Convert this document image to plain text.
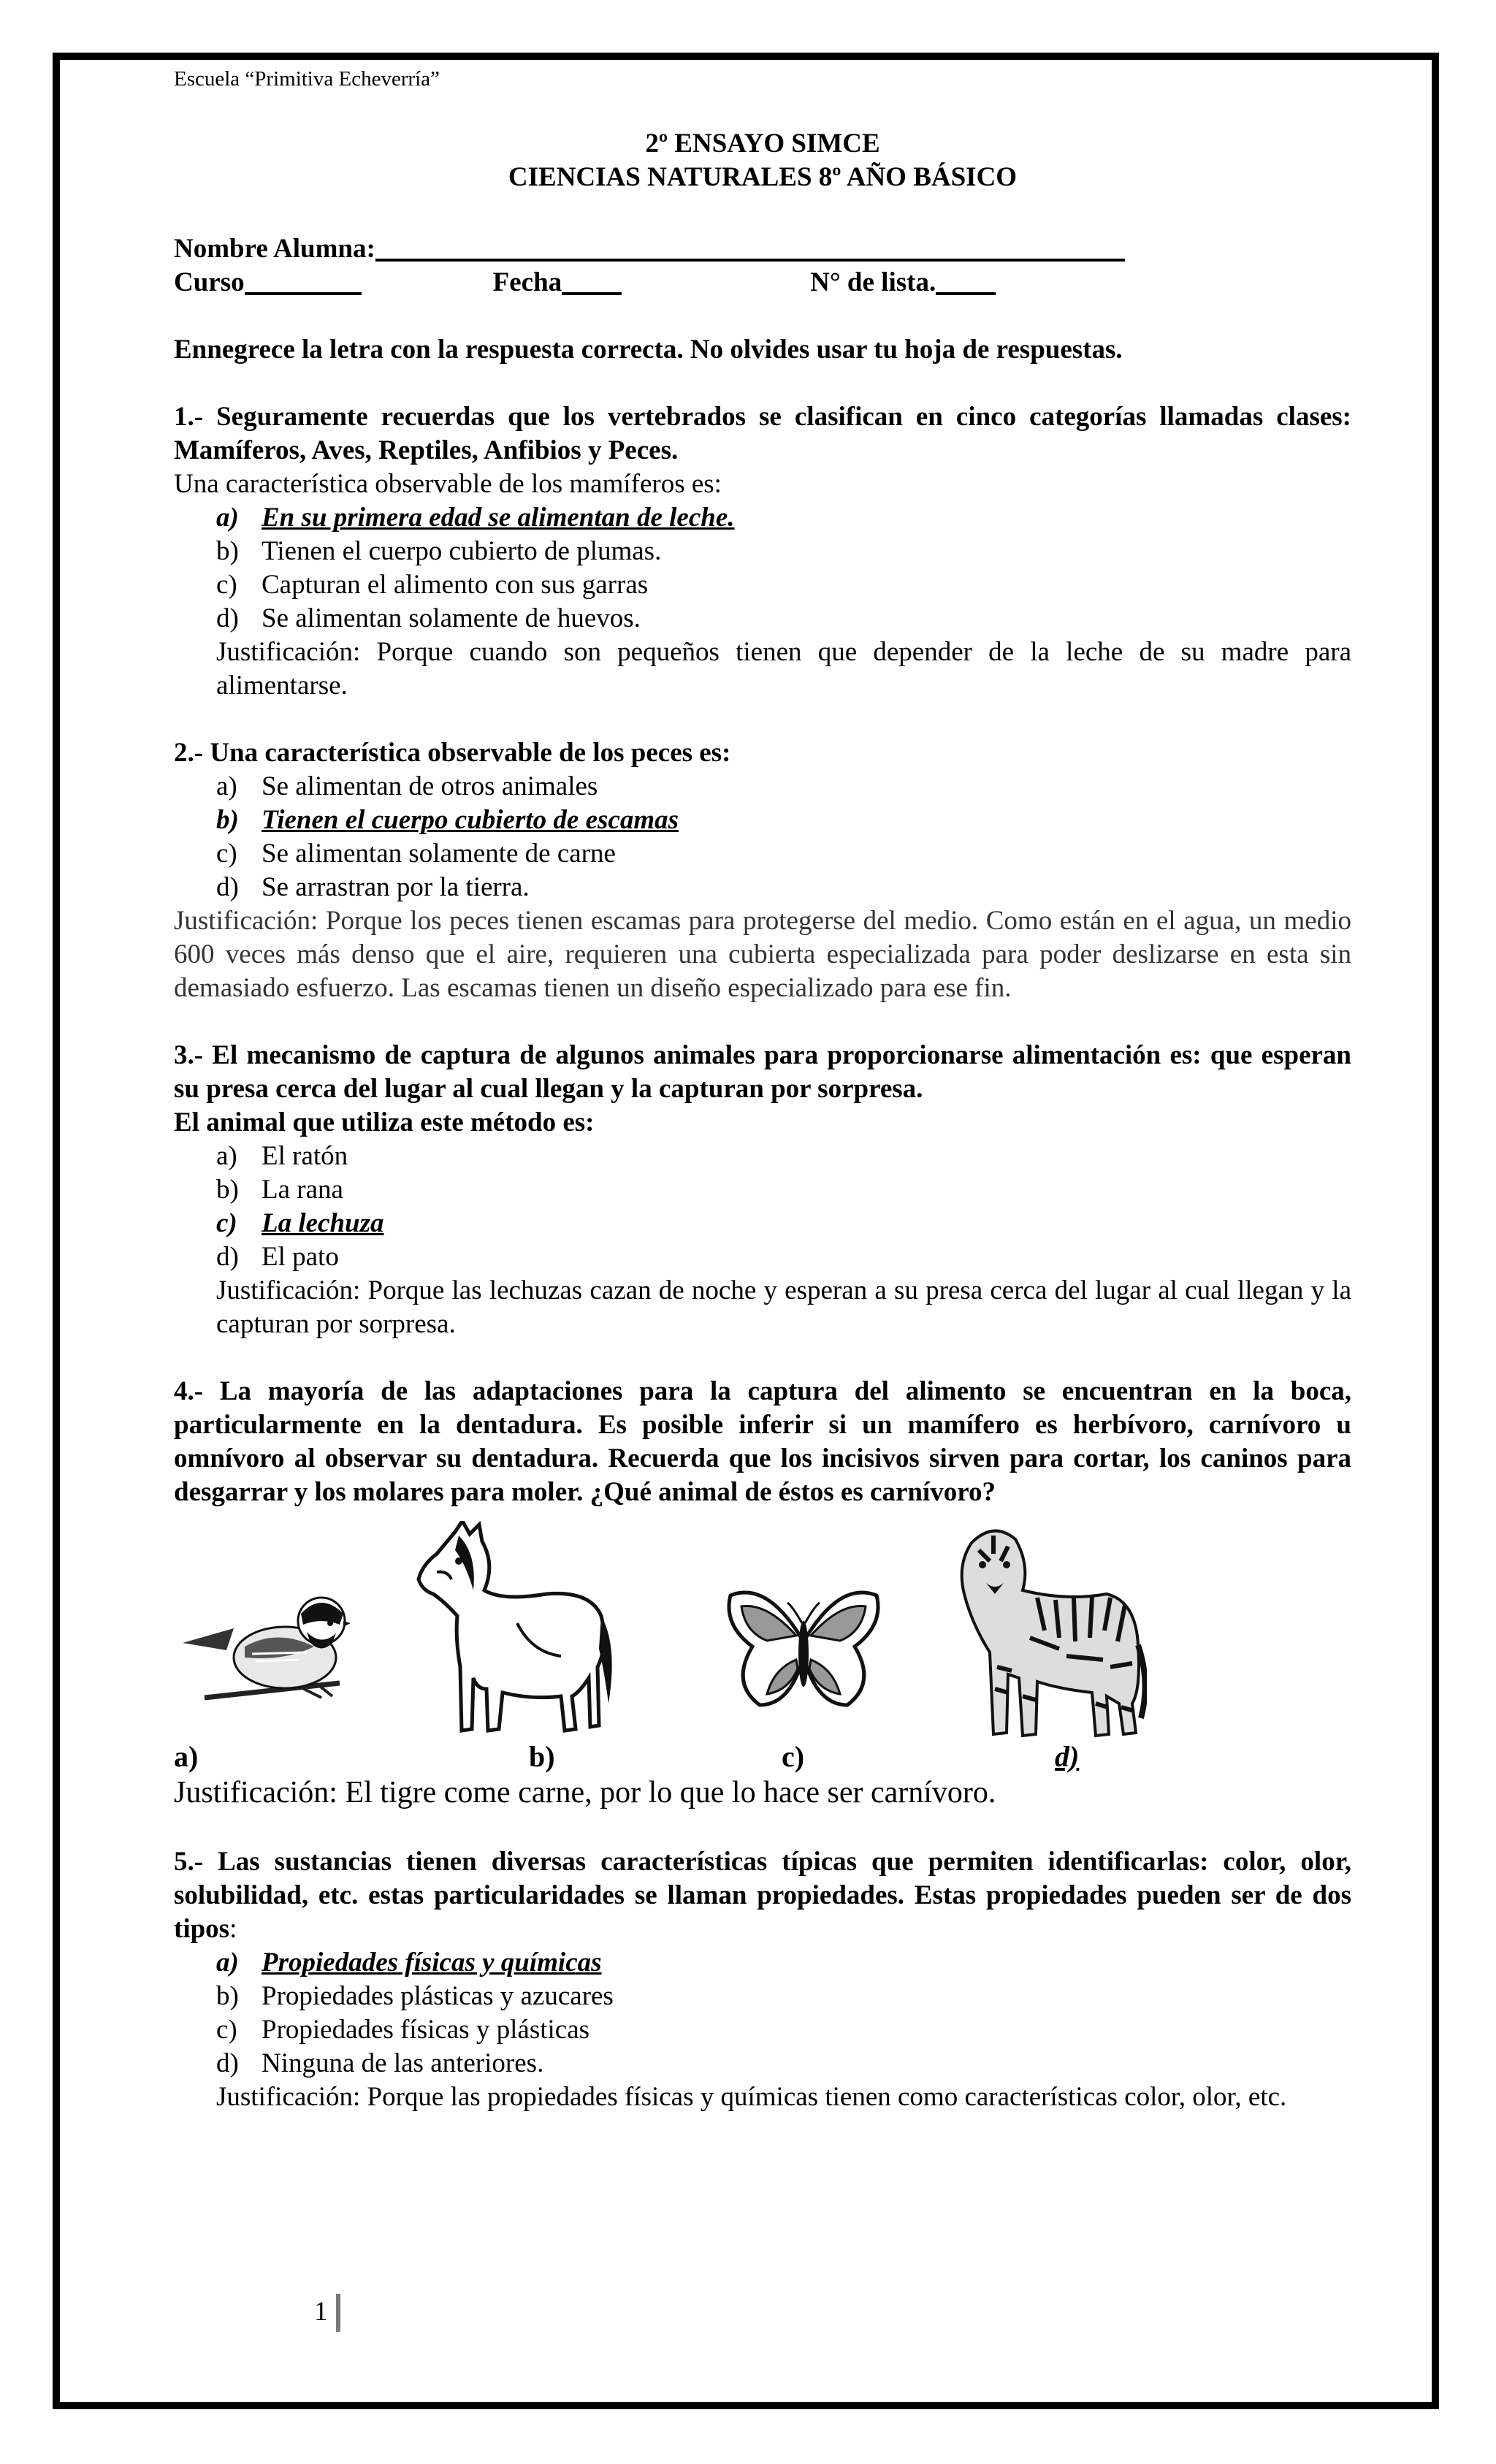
Escuela “Primitiva Echeverría”

2º ENSAYO SIMCE

CIENCIAS NATURALES 8º AÑO BÁSICO

Nombre Alumna:
Curso	Fecha	N° de lista.

Ennegrece la letra con la respuesta correcta. No olvides usar tu hoja de respuestas.

1.- Seguramente recuerdas que los vertebrados se clasifican en cinco categorías llamadas clases: Mamíferos, Aves, Reptiles, Anfibios y Peces.

Una característica observable de los mamíferos es:

a) En su primera edad se alimentan de leche.
b) Tienen el cuerpo cubierto de plumas.
c) Capturan el alimento con sus garras
d) Se alimentan solamente de huevos.

Justificación: Porque cuando son pequeños tienen que depender de la leche de su madre para alimentarse.

2.- Una característica observable de los peces es:

a) Se alimentan de otros animales
b) Tienen el cuerpo cubierto de escamas
c) Se alimentan solamente de carne
d) Se arrastran por la tierra.

Justificación: Porque los peces tienen escamas para protegerse del medio. Como están en el agua, un medio 600 veces más denso que el aire, requieren una cubierta especializada para poder deslizarse en esta sin demasiado esfuerzo. Las escamas tienen un diseño especializado para ese fin.

3.- El mecanismo de captura de algunos animales para proporcionarse alimentación es: que esperan su presa cerca del lugar al cual llegan y la capturan por sorpresa.

El animal que utiliza este método es:

a) El ratón
b) La rana
c) La lechuza
d) El pato

Justificación: Porque las lechuzas cazan de noche y esperan a su presa cerca del lugar al cual llegan y la capturan por sorpresa.

4.- La mayoría de las adaptaciones para la captura del alimento se encuentran en la boca, particularmente en la dentadura. Es posible inferir si un mamífero es herbívoro, carnívoro u omnívoro al observar su dentadura. Recuerda que los incisivos sirven para cortar, los caninos para desgarrar y los molares para moler. ¿Qué animal de éstos es carnívoro?

a)	b)	c)	d)

Justificación: El tigre come carne, por lo que lo hace ser carnívoro.

5.- Las sustancias tienen diversas características típicas que permiten identificarlas: color, olor, solubilidad, etc. estas particularidades se llaman propiedades. Estas propiedades pueden ser de dos tipos:

a) Propiedades físicas y químicas
b) Propiedades plásticas y azucares
c) Propiedades físicas y plásticas
d) Ninguna de las anteriores.

Justificación: Porque las propiedades físicas y químicas tienen como características color, olor, etc.

1
